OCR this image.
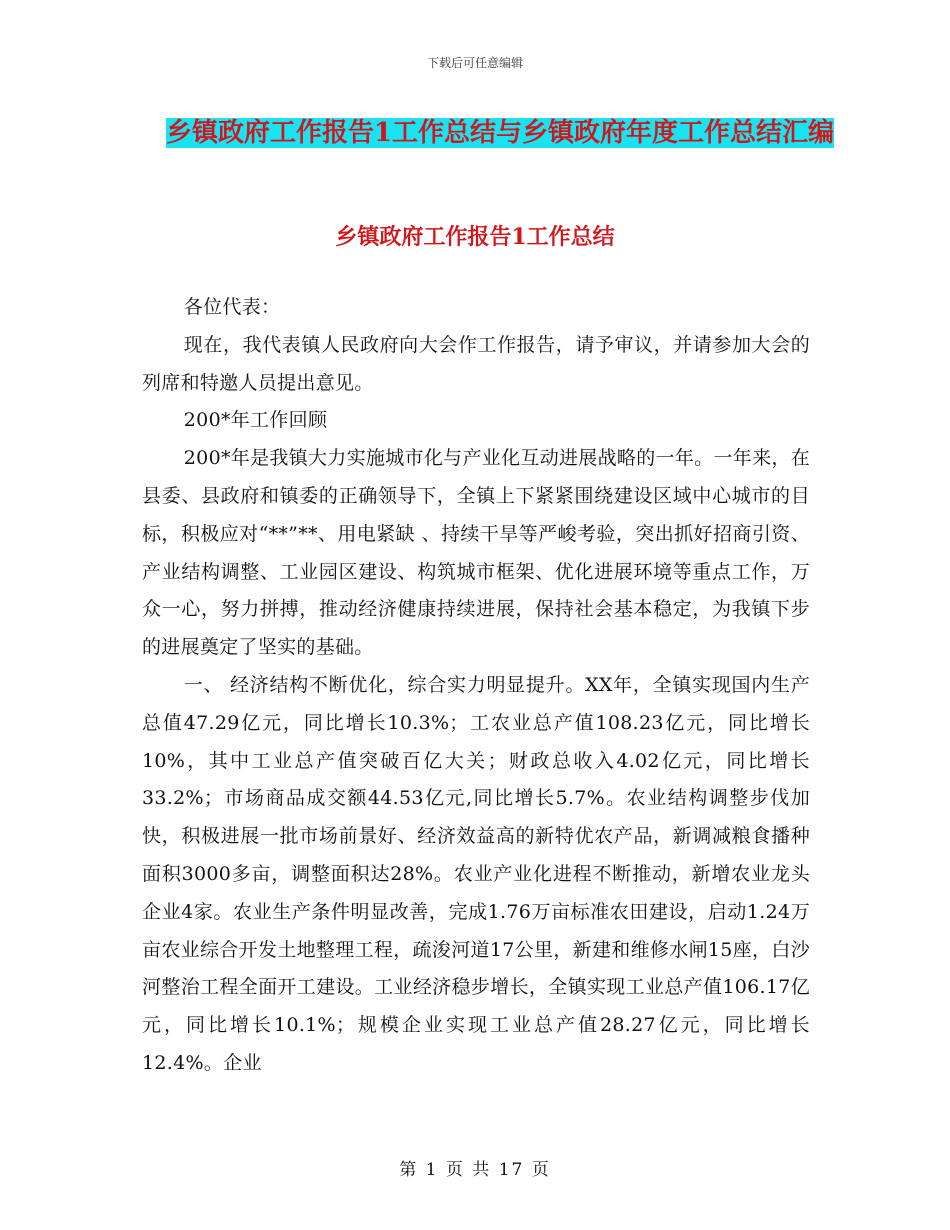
下载后可任意编辑
乡镇政府工作报告1工作总结与乡镇政府年度工作总结汇编
乡镇政府工作报告1工作总结

各位代表：

现在，我代表镇人民政府向大会作工作报告，请予审议，并请参加大会的列席和特邀人员提出意见。

200*年工作回顾

200*年是我镇大力实施城市化与产业化互动进展战略的一年。一年来，在县委、县政府和镇委的正确领导下，全镇上下紧紧围绕建设区域中心城市的目标，积极应对“**”**、用电紧缺 、持续干旱等严峻考验，突出抓好招商引资、产业结构调整、工业园区建设、构筑城市框架、优化进展环境等重点工作，万众一心，努力拼搏，推动经济健康持续进展，保持社会基本稳定，为我镇下步的进展奠定了坚实的基础。

一、 经济结构不断优化，综合实力明显提升。XX年，全镇实现国内生产总值47.29亿元，同比增长10.3%；工农业总产值108.23亿元，同比增长10%，其中工业总产值突破百亿大关；财政总收入4.02亿元，同比增长33.2%；市场商品成交额44.53亿元,同比增长5.7%。农业结构调整步伐加快，积极进展一批市场前景好、经济效益高的新特优农产品，新调减粮食播种面积3000多亩，调整面积达28%。农业产业化进程不断推动，新增农业龙头企业4家。农业生产条件明显改善，完成1.76万亩标准农田建设，启动1.24万亩农业综合开发土地整理工程，疏浚河道17公里，新建和维修水闸15座，白沙河整治工程全面开工建设。工业经济稳步增长，全镇实现工业总产值106.17亿元，同比增长10.1%；规模企业实现工业总产值28.27亿元，同比增长12.4%。企业

第 1 页 共 17 页
